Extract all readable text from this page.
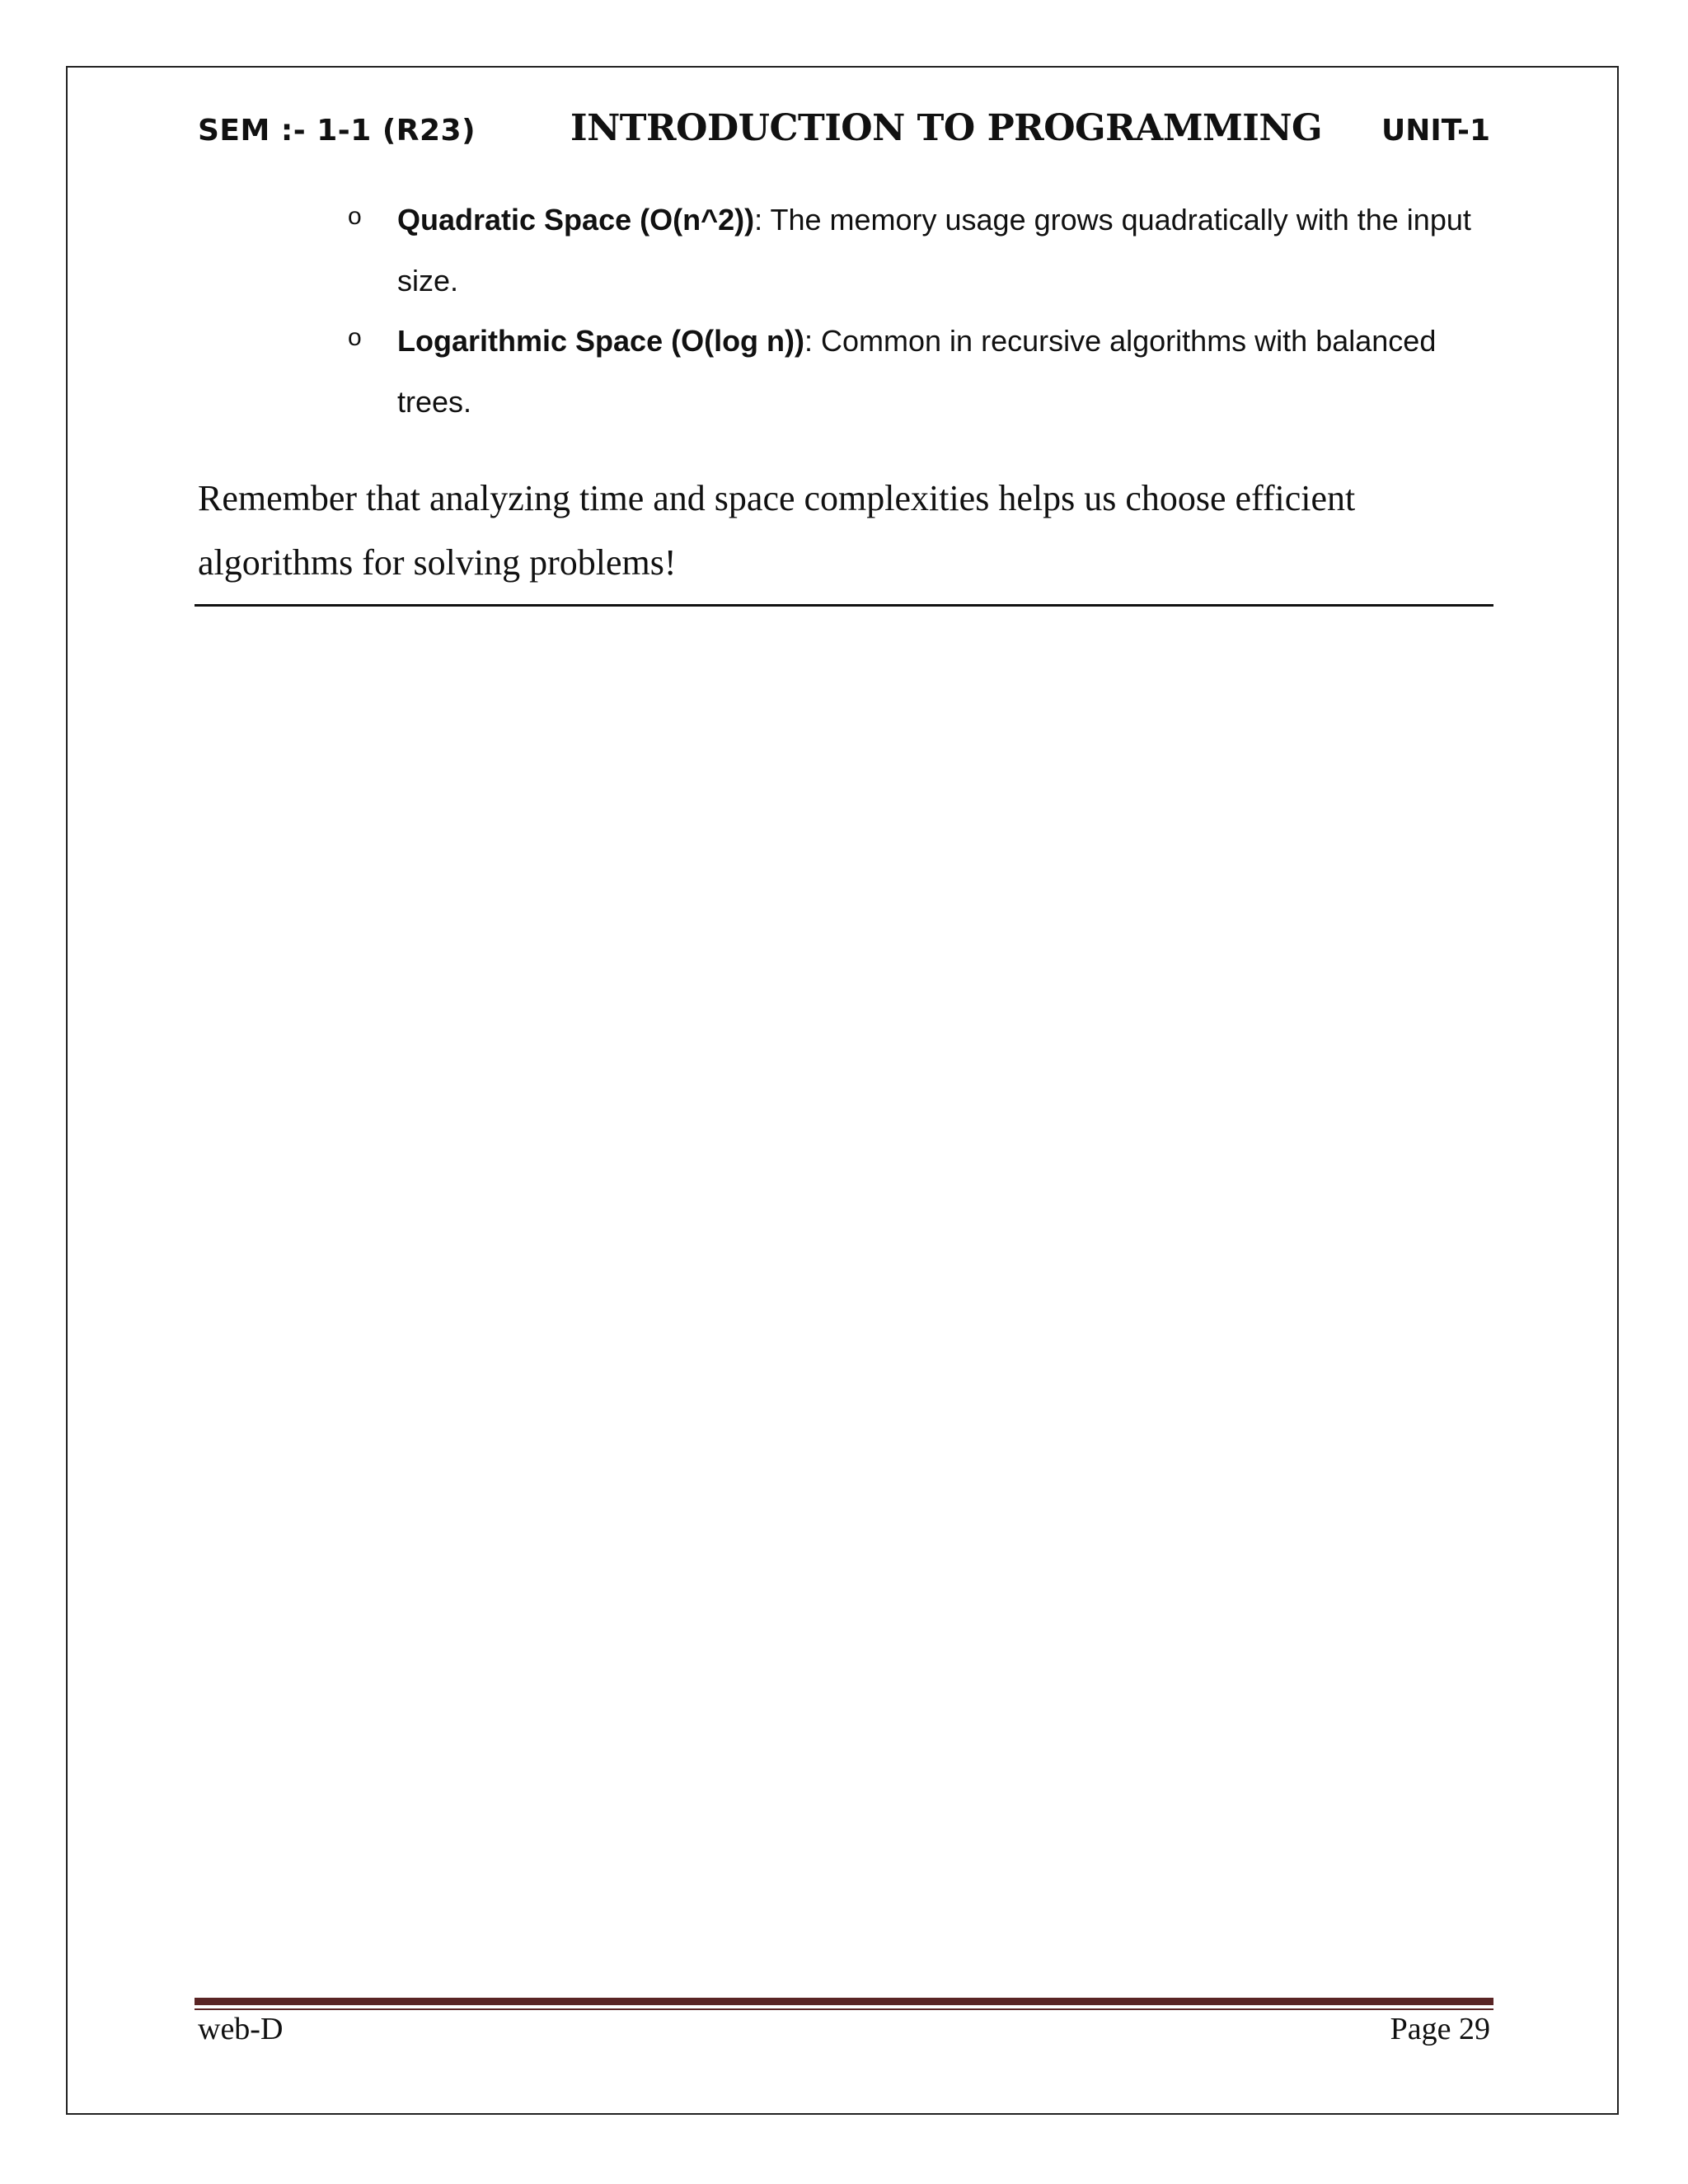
SEM :- 1-1 (R23)	INTRODUCTION TO PROGRAMMING UNIT-1
o Quadratic Space (O(n^2)): The memory usage grows quadratically with the input size.
o Logarithmic Space (O(log n)): Common in recursive algorithms with balanced trees.
Remember that analyzing time and space complexities helps us choose efficient algorithms for solving problems!
web-D	Page 29
